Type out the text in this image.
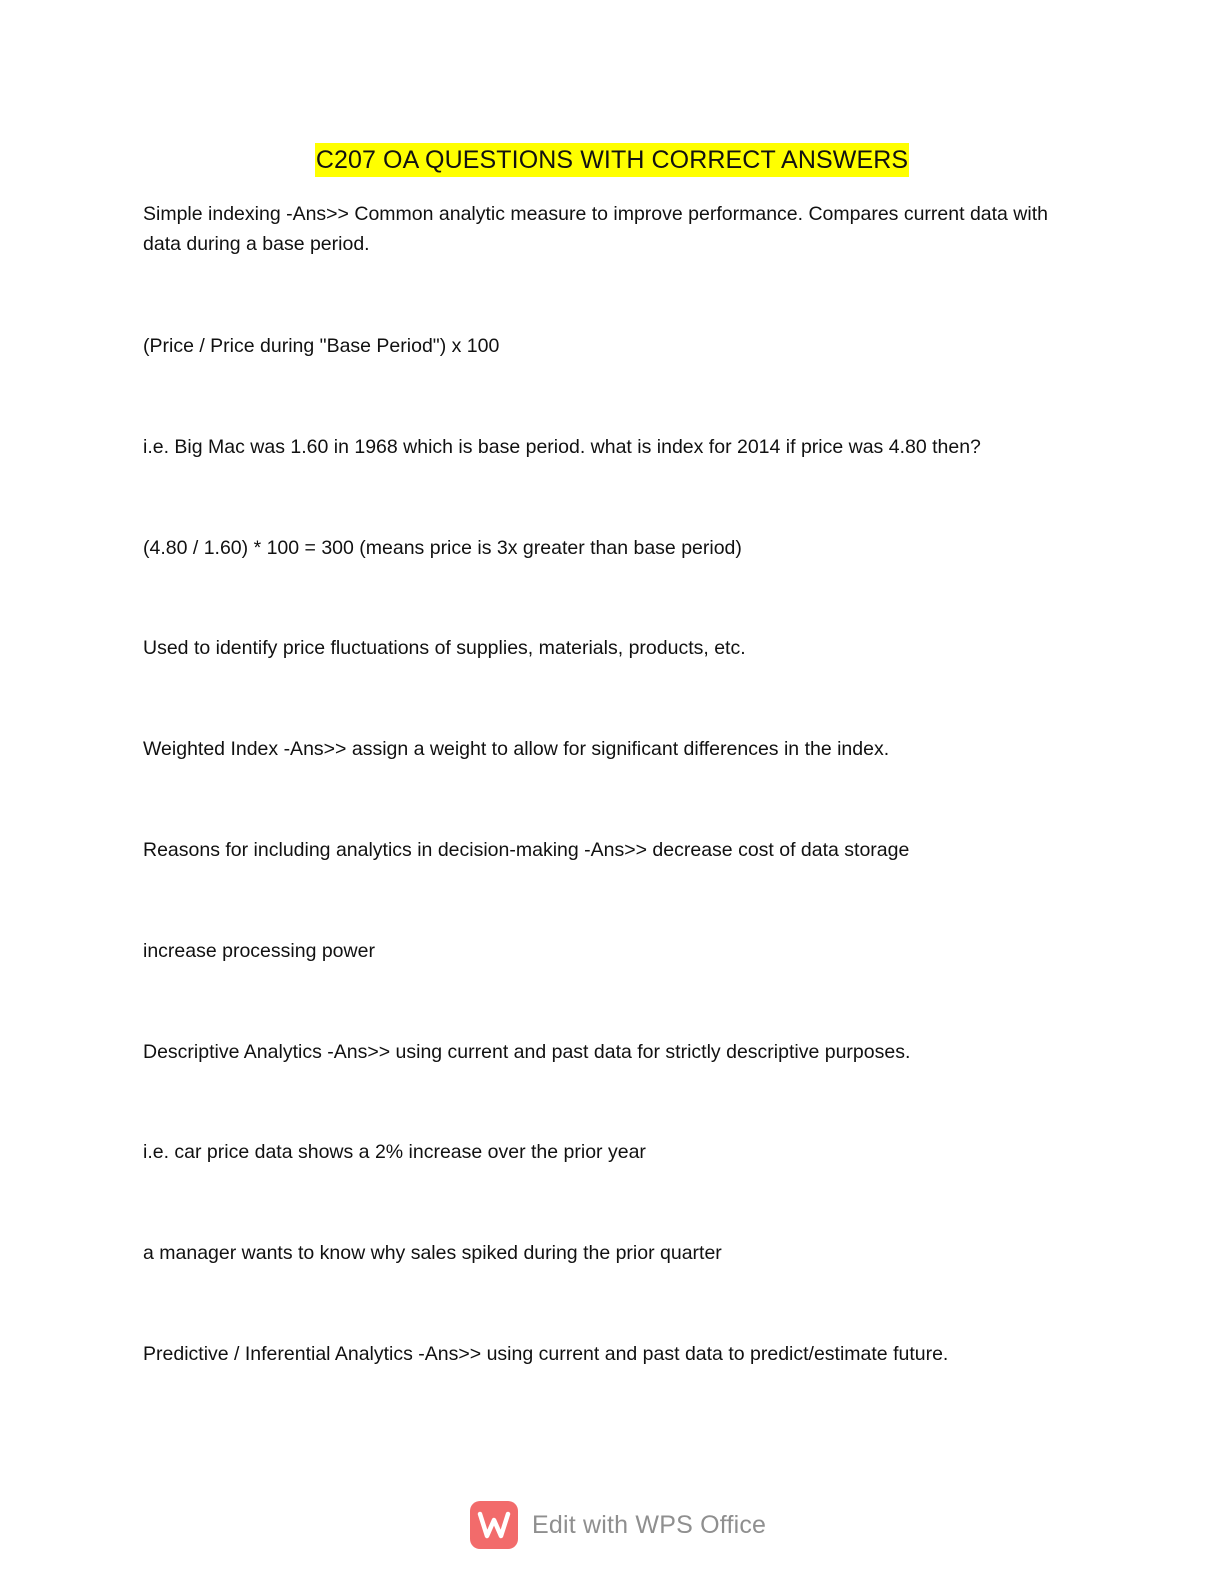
C207 OA QUESTIONS WITH CORRECT ANSWERS

Simple indexing -Ans>> Common analytic measure to improve performance. Compares current data with data during a base period.

(Price / Price during "Base Period") x 100

i.e. Big Mac was 1.60 in 1968 which is base period. what is index for 2014 if price was 4.80 then?

(4.80 / 1.60) * 100 = 300 (means price is 3x greater than base period)

Used to identify price fluctuations of supplies, materials, products, etc.

Weighted Index -Ans>> assign a weight to allow for significant differences in the index.

Reasons for including analytics in decision-making -Ans>> decrease cost of data storage

increase processing power

Descriptive Analytics -Ans>> using current and past data for strictly descriptive purposes.

i.e. car price data shows a 2% increase over the prior year

a manager wants to know why sales spiked during the prior quarter

Predictive / Inferential Analytics -Ans>> using current and past data to predict/estimate future.

Edit with WPS Office
